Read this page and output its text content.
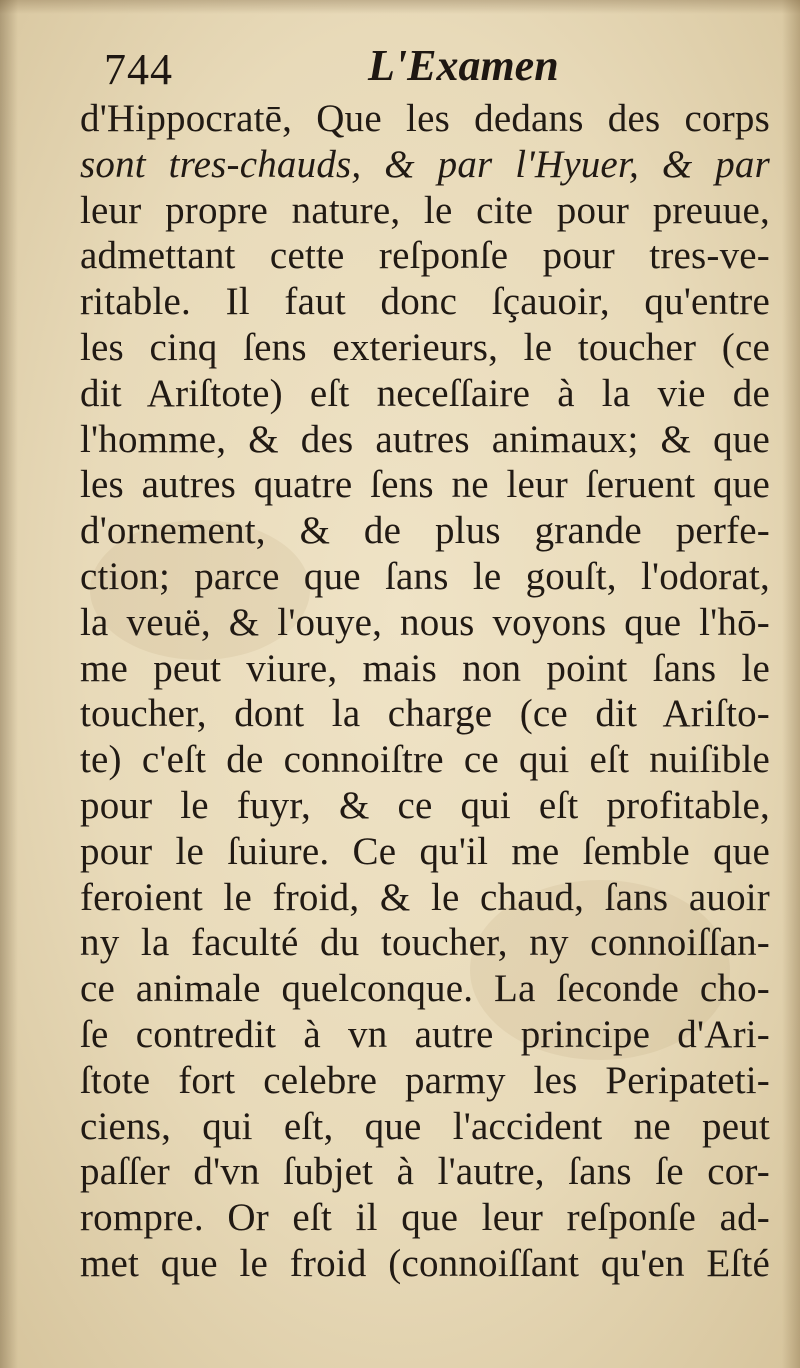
744	L'Examen
d'Hippocratē, Que les dedans des corps
sont tres-chauds, & par l'Hyuer, & par
leur propre nature, le cite pour preuue,
admettant cette reſponſe pour tres-ve-
ritable. Il faut donc ſçauoir, qu'entre
les cinq ſens exterieurs, le toucher (ce
dit Ariſtote) eſt neceſſaire à la vie de
l'homme, & des autres animaux; & que
les autres quatre ſens ne leur ſeruent que
d'ornement, & de plus grande perfe-
ction; parce que ſans le gouſt, l'odorat,
la veuë, & l'ouye, nous voyons que l'hō-
me peut viure, mais non point ſans le
toucher, dont la charge (ce dit Ariſto-
te) c'eſt de connoiſtre ce qui eſt nuiſible
pour le fuyr, & ce qui eſt profitable,
pour le ſuiure. Ce qu'il me ſemble que
feroient le froid, & le chaud, ſans auoir
ny la faculté du toucher, ny connoiſſan-
ce animale quelconque. La ſeconde cho-
ſe contredit à vn autre principe d'Ari-
ſtote fort celebre parmy les Peripateti-
ciens, qui eſt, que l'accident ne peut
paſſer d'vn ſubjet à l'autre, ſans ſe cor-
rompre. Or eſt il que leur reſponſe ad-
met que le froid (connoiſſant qu'en Eſté
